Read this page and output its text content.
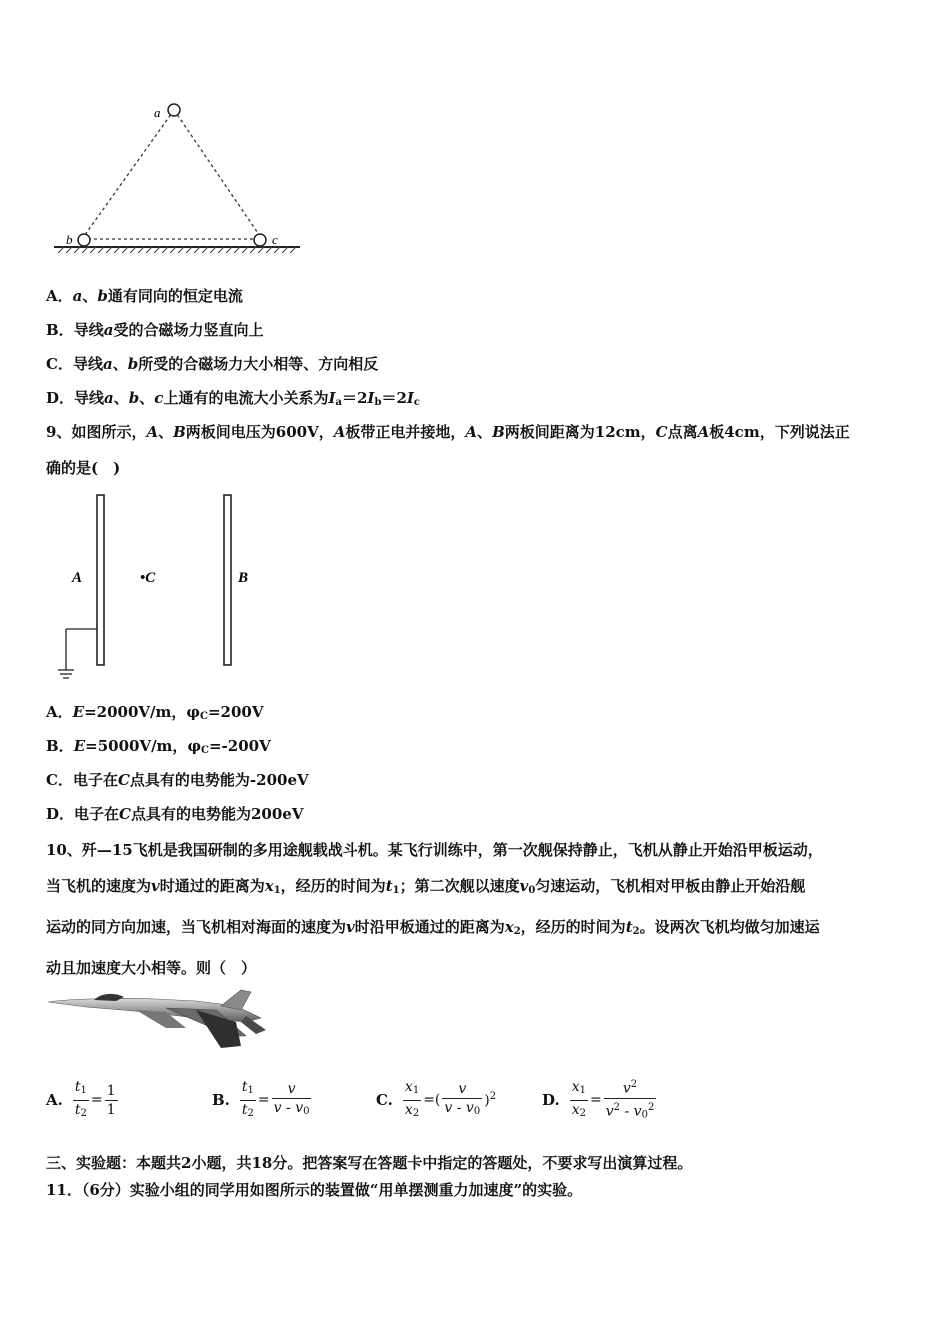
a
b	c
A．a、b通有同向的恒定电流
B．导线a受的合磁场力竖直向上
C．导线a、b所受的合磁场力大小相等、方向相反
D．导线a、b、c上通有的电流大小关系为$I_a=2I_b=2I_c$
9、如图所示，A、B两板间电压为600V，A板带正电并接地，A、B两板间距离为12cm，C点离A板4cm，下列说法正
确的是(　)
A	•C	B
A．E=2000V/m，$\varphi_C=200V$
B．E=5000V/m，$\varphi_C=-200V$
C．电子在C点具有的电势能为-200eV
D．电子在C点具有的电势能为200eV
10、歼—15飞机是我国研制的多用途舰载战斗机。某飞行训练中，第一次舰保持静止，飞机从静止开始沿甲板运动，
当飞机的速度为v时通过的距离为$x_1$，经历的时间为$t_1$；第二次舰以速度$v_0$匀速运动，飞机相对甲板由静止开始沿舰
运动的同方向加速，当飞机相对海面的速度为v时沿甲板通过的距离为$x_2$，经历的时间为$t_2$。设两次飞机均做匀加速运
动且加速度大小相等。则（　）
A. $\frac{t_1}{t_2} = \frac{1}{1}$	B. $\frac{t_1}{t_2} = \frac{v}{v - v_0}$	C. $\frac{x_1}{x_2}$ =( $\frac{v}{v - v_0} )^2$	D. $\frac{x_1}{x_2} = \frac{v^2}{v^2 - v_0^2}$
三、实验题：本题共2小题，共18分。把答案写在答题卡中指定的答题处，不要求写出演算过程。
11．（6分）实验小组的同学用如图所示的装置做“用单摆测重力加速度”的实验。
